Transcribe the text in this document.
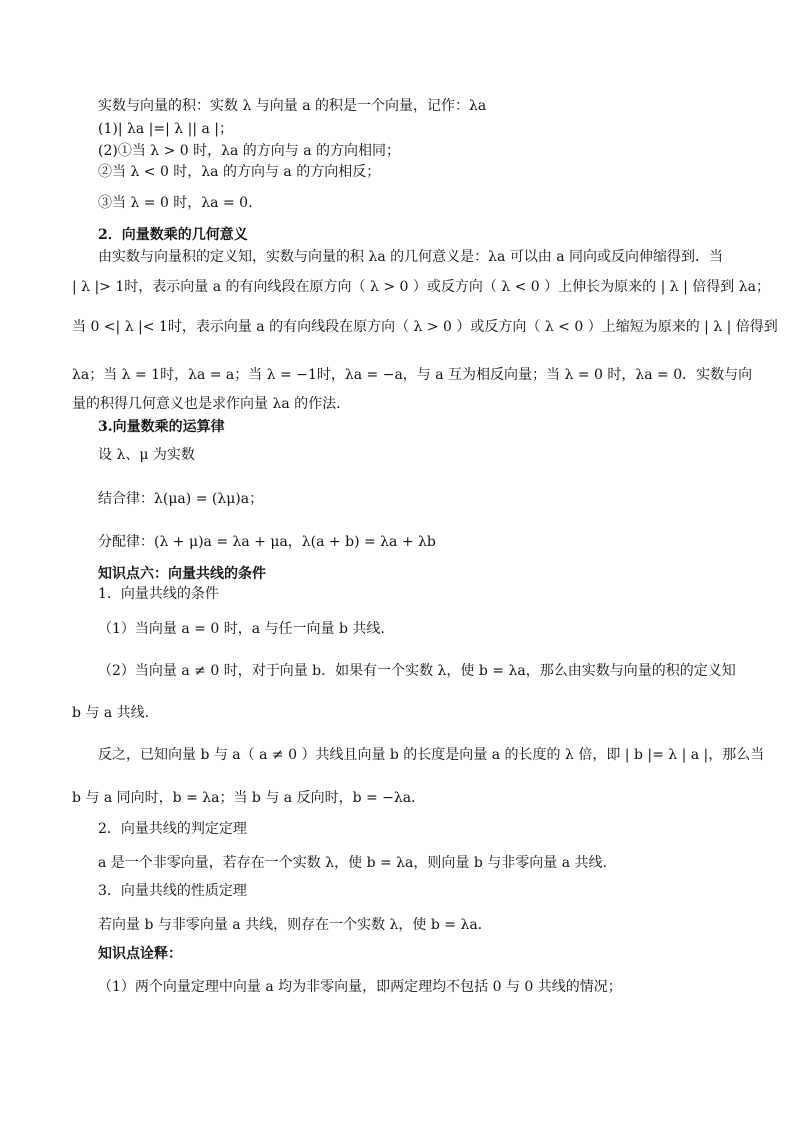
实数与向量的积：实数 λ 与向量 a 的积是一个向量，记作：λa
(1)| λa |=| λ || a |；
(2)①当 λ > 0 时，λa 的方向与 a 的方向相同；
②当 λ < 0 时，λa 的方向与 a 的方向相反；
③当 λ = 0 时，λa = 0.
2．向量数乘的几何意义
由实数与向量积的定义知，实数与向量的积 λa 的几何意义是：λa 可以由 a 同向或反向伸缩得到．当
| λ |> 1时，表示向量 a 的有向线段在原方向（ λ > 0 ）或反方向（ λ < 0 ）上伸长为原来的 | λ | 倍得到 λa；
当 0 <| λ |< 1时，表示向量 a 的有向线段在原方向（ λ > 0 ）或反方向（ λ < 0 ）上缩短为原来的 | λ | 倍得到
λa；当 λ = 1时，λa = a；当 λ = −1时，λa = −a，与 a 互为相反向量；当 λ = 0 时，λa = 0．实数与向
量的积得几何意义也是求作向量 λa 的作法．
3.向量数乘的运算律
设 λ、μ 为实数
结合律：λ(μa) = (λμ)a；
分配律：(λ + μ)a = λa + μa，λ(a + b) = λa + λb
知识点六：向量共线的条件
1．向量共线的条件
（1）当向量 a = 0 时，a 与任一向量 b 共线.
（2）当向量 a ≠ 0 时，对于向量 b．如果有一个实数 λ，使 b = λa，那么由实数与向量的积的定义知
b 与 a 共线.
反之，已知向量 b 与 a（ a ≠ 0 ）共线且向量 b 的长度是向量 a 的长度的 λ 倍，即 | b |= λ | a |，那么当
b 与 a 同向时，b = λa；当 b 与 a 反向时，b = −λa．
2．向量共线的判定定理
a 是一个非零向量，若存在一个实数 λ，使 b = λa，则向量 b 与非零向量 a 共线.
3．向量共线的性质定理
若向量 b 与非零向量 a 共线，则存在一个实数 λ，使 b = λa．
知识点诠释：
（1）两个向量定理中向量 a 均为非零向量，即两定理均不包括 0 与 0 共线的情况；
